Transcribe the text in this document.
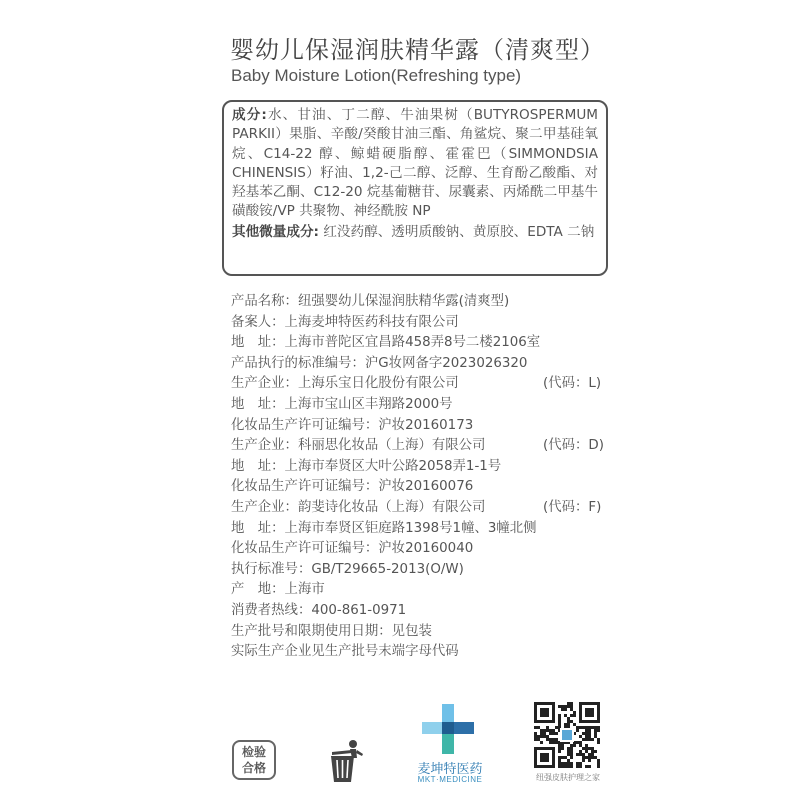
婴幼儿保湿润肤精华露（清爽型）
Baby Moisture Lotion(Refreshing type)
成分:水、甘油、丁二醇、牛油果树（BUTYROSPERMUM PARKII）果脂、辛酸/癸酸甘油三酯、角鲨烷、聚二甲基硅氧烷、C14-22 醇、鲸蜡硬脂醇、霍霍巴（SIMMONDSIA CHINENSIS）籽油、1,2-己二醇、泛醇、生育酚乙酸酯、对羟基苯乙酮、C12-20 烷基葡糖苷、尿囊素、丙烯酰二甲基牛磺酸铵/VP 共聚物、神经酰胺 NP
其他微量成分: 红没药醇、透明质酸钠、黄原胶、EDTA 二钠
产品名称：纽强婴幼儿保湿润肤精华露(清爽型)
备案人：上海麦坤特医药科技有限公司
地　址：上海市普陀区宜昌路458弄8号二楼2106室
产品执行的标准编号：沪G妆网备字2023026320
生产企业：上海乐宝日化股份有限公司	(代码：L)
地　址：上海市宝山区丰翔路2000号
化妆品生产许可证编号：沪妆20160173
生产企业：科丽思化妆品（上海）有限公司	(代码：D)
地　址：上海市奉贤区大叶公路2058弄1-1号
化妆品生产许可证编号：沪妆20160076
生产企业：韵斐诗化妆品（上海）有限公司	(代码：F)
地　址：上海市奉贤区钜庭路1398号1幢、3幢北侧
化妆品生产许可证编号：沪妆20160040
执行标准号：GB/T29665-2013(O/W)
产　地：上海市
消费者热线：400-861-0971
生产批号和限期使用日期：见包装
实际生产企业见生产批号末端字母代码
检验
合格	麦坤特医药
MKT·MEDICINE	纽强皮肤护理之家
